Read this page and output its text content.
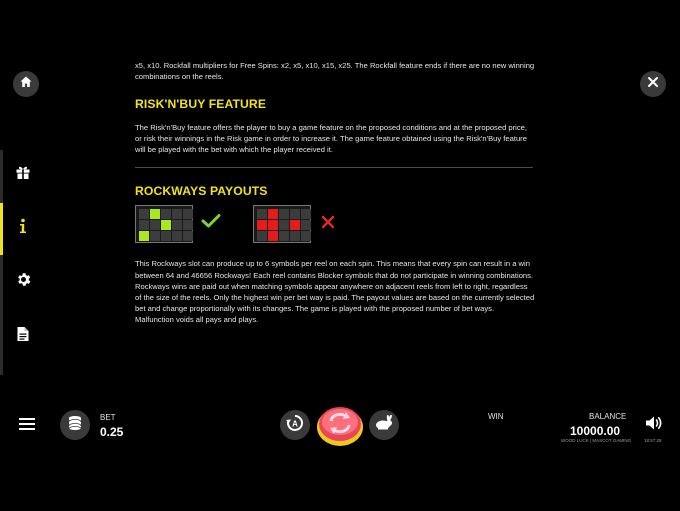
x5, x10. Rockfall multipliers for Free Spins: x2, x5, x10, x15, x25. The Rockfall feature ends if there are no new winning combinations on the reels.

RISK'N'BUY FEATURE

The Risk'n'Buy feature offers the player to buy a game feature on the proposed conditions and at the proposed price, or risk their winnings in the Risk game in order to increase it. The game feature obtained using the Risk'n'Buy feature will be played with the bet with which the player received it.

ROCKWAYS PAYOUTS

This Rockways slot can produce up to 6 symbols per reel on each spin. This means that every spin can result in a win between 64 and 46656 Rockways! Each reel contains Blocker symbols that do not participate in winning combinations. Rockways wins are paid out when matching symbols appear anywhere on adjacent reels from left to right, regardless of the size of the reels. Only the highest win per bet way is paid. The payout values are based on the currently selected bet and change proportionally with its changes. The game is played with the proposed number of bet ways. Malfunction voids all pays and plays.

BET
0.25
A
WIN	BALANCE
10000.00
WOOD LUCK | MASCOT GAMING	18:57:28
